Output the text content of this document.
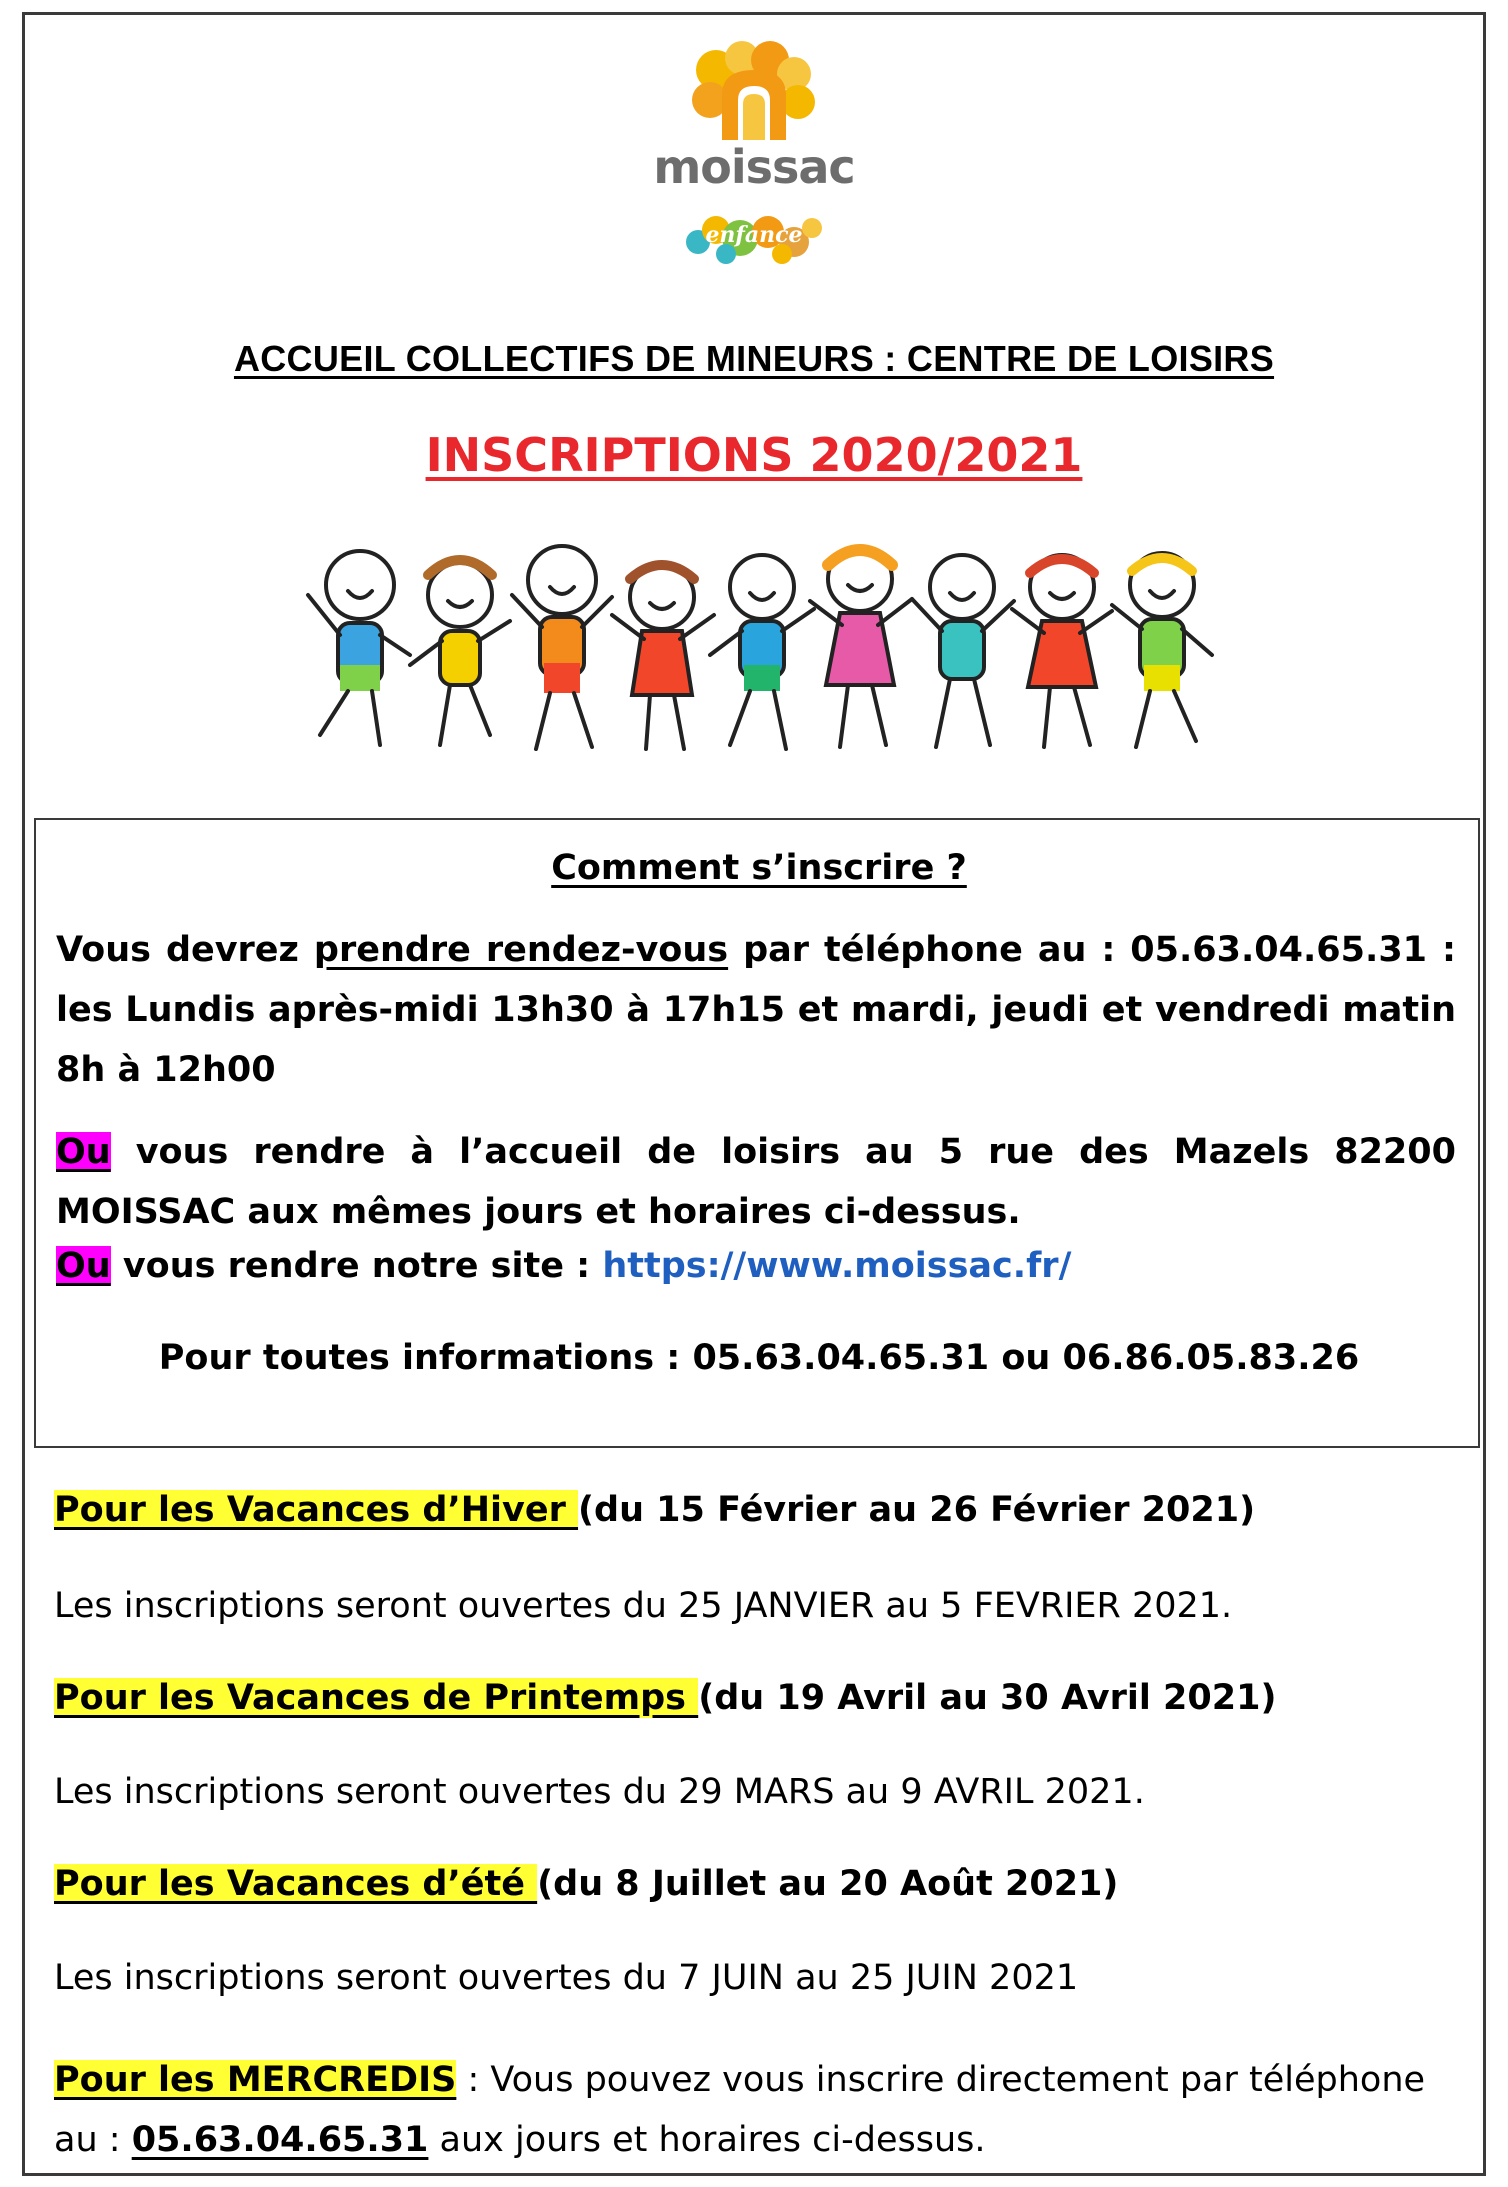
moissac
enfance
ACCUEIL COLLECTIFS DE MINEURS : CENTRE DE LOISIRS
INSCRIPTIONS 2020/2021
Comment s’inscrire ?
Vous devrez prendre rendez-vous par téléphone au : 05.63.04.65.31 : les Lundis après-midi 13h30 à 17h15 et mardi, jeudi et vendredi matin 8h à 12h00
Ou vous rendre à l’accueil de loisirs au 5 rue des Mazels 82200 MOISSAC aux mêmes jours et horaires ci-dessus.
Ou vous rendre notre site : https://www.moissac.fr/
Pour toutes informations : 05.63.04.65.31 ou 06.86.05.83.26
Pour les Vacances d’Hiver (du 15 Février au 26 Février 2021)
Les inscriptions seront ouvertes du 25 JANVIER au 5 FEVRIER 2021.
Pour les Vacances de Printemps (du 19 Avril au 30 Avril 2021)
Les inscriptions seront ouvertes du 29 MARS au 9 AVRIL 2021.
Pour les Vacances d’été (du 8 Juillet au 20 Août 2021)
Les inscriptions seront ouvertes du 7 JUIN au 25 JUIN 2021
Pour les MERCREDIS : Vous pouvez vous inscrire directement par téléphone au : 05.63.04.65.31 aux jours et horaires ci-dessus.
